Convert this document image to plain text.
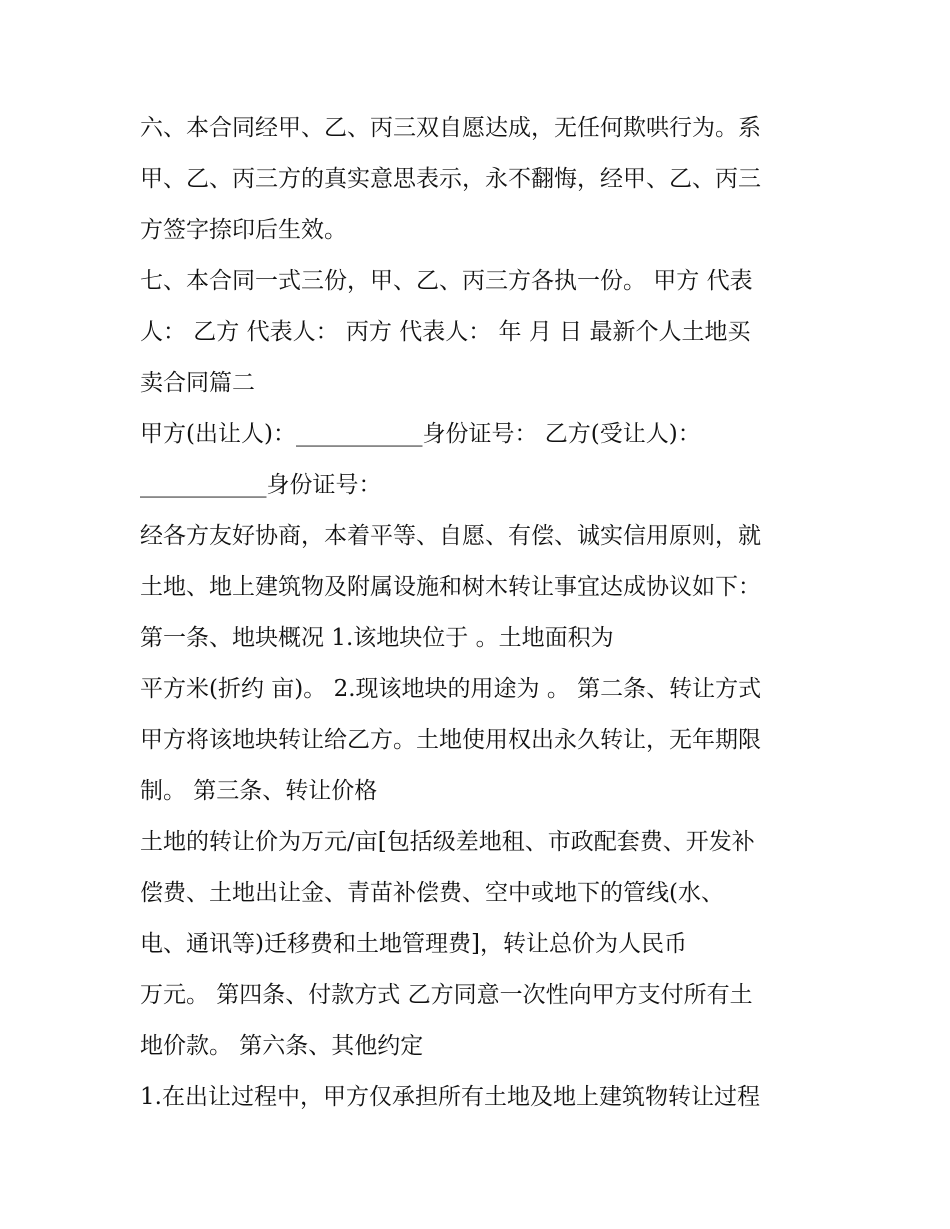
六、本合同经甲、乙、丙三双自愿达成，无任何欺哄行为。系
甲、乙、丙三方的真实意思表示，永不翻悔，经甲、乙、丙三
方签字捺印后生效。
七、本合同一式三份，甲、乙、丙三方各执一份。 甲方 代表
人： 乙方 代表人： 丙方 代表人： 年 月 日 最新个人土地买
卖合同篇二
甲方(出让人)：___________身份证号： 乙方(受让人)：
___________身份证号：
经各方友好协商，本着平等、自愿、有偿、诚实信用原则，就
土地、地上建筑物及附属设施和树木转让事宜达成协议如下：
第一条、地块概况 1.该地块位于 。土地面积为
平方米(折约 亩)。 2.现该地块的用途为 。 第二条、转让方式
甲方将该地块转让给乙方。土地使用权出永久转让，无年期限
制。 第三条、转让价格
土地的转让价为万元/亩[包括级差地租、市政配套费、开发补
偿费、土地出让金、青苗补偿费、空中或地下的管线(水、
电、通讯等)迁移费和土地管理费]，转让总价为人民币
万元。 第四条、付款方式 乙方同意一次性向甲方支付所有土
地价款。 第六条、其他约定
1.在出让过程中，甲方仅承担所有土地及地上建筑物转让过程
